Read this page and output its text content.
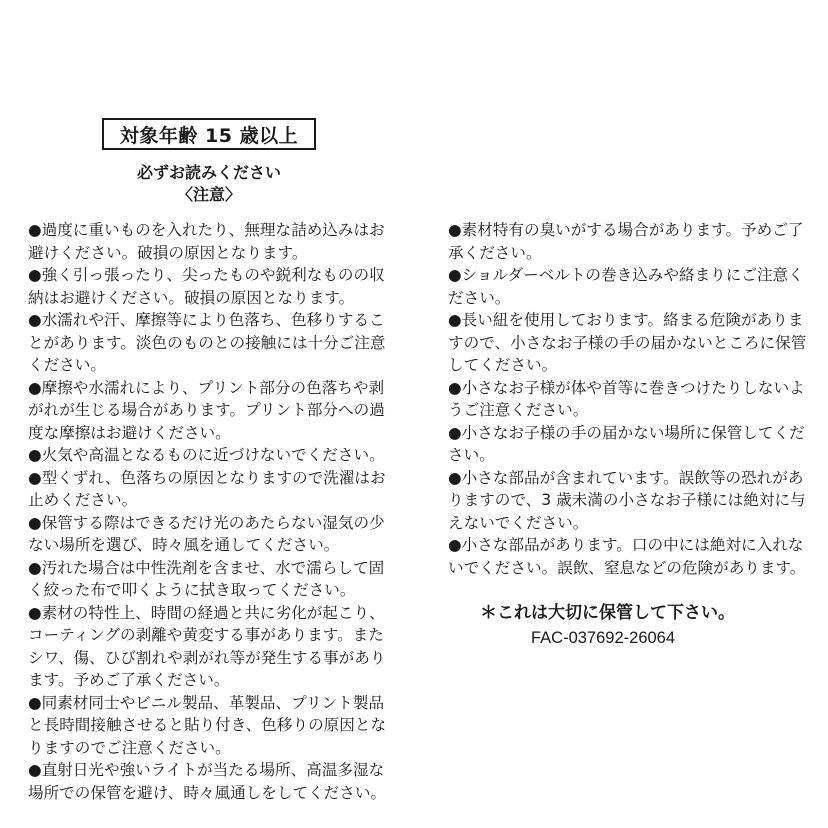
対象年齢 15 歳以上
必ずお読みください
〈注意〉
●過度に重いものを入れたり、無理な詰め込みはお避けください。破損の原因となります。
●強く引っ張ったり、尖ったものや鋭利なものの収納はお避けください。破損の原因となります。
●水濡れや汗、摩擦等により色落ち、色移りすることがあります。淡色のものとの接触には十分ご注意ください。
●摩擦や水濡れにより、プリント部分の色落ちや剥がれが生じる場合があります。プリント部分への過度な摩擦はお避けください。
●火気や高温となるものに近づけないでください。
●型くずれ、色落ちの原因となりますので洗濯はお止めください。
●保管する際はできるだけ光のあたらない湿気の少ない場所を選び、時々風を通してください。
●汚れた場合は中性洗剤を含ませ、水で濡らして固く絞った布で叩くように拭き取ってください。
●素材の特性上、時間の経過と共に劣化が起こり、コーティングの剥離や黄変する事があります。またシワ、傷、ひび割れや剥がれ等が発生する事があります。予めご了承ください。
●同素材同士やビニル製品、革製品、プリント製品と長時間接触させると貼り付き、色移りの原因となりますのでご注意ください。
●直射日光や強いライトが当たる場所、高温多湿な場所での保管を避け、時々風通しをしてください。
●素材特有の臭いがする場合があります。予めご了承ください。
●ショルダーベルトの巻き込みや絡まりにご注意ください。
●長い紐を使用しております。絡まる危険がありますので、小さなお子様の手の届かないところに保管してください。
●小さなお子様が体や首等に巻きつけたりしないようご注意ください。
●小さなお子様の手の届かない場所に保管してください。
●小さな部品が含まれています。誤飲等の恐れがありますので、3 歳未満の小さなお子様には絶対に与えないでください。
●小さな部品があります。口の中には絶対に入れないでください。誤飲、窒息などの危険があります。
＊これは大切に保管して下さい。
FAC-037692-26064
